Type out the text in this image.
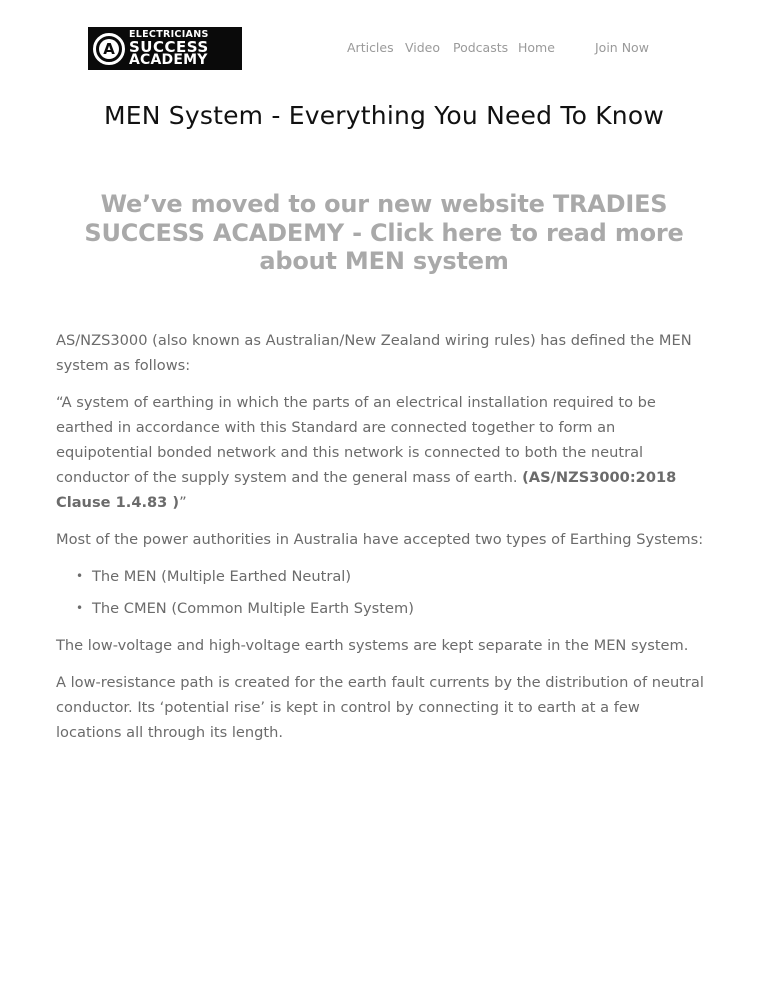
A
ELECTRICIANS
SUCCESS
ACADEMY
Articles Video Podcasts Home	Join Now
MEN System - Everything You Need To Know
We’ve moved to our new website TRADIES SUCCESS ACADEMY - Click here to read more about MEN system

AS/NZS3000 (also known as Australian/New Zealand wiring rules) has defined the MEN system as follows:

“A system of earthing in which the parts of an electrical installation required to be earthed in accordance with this Standard are connected together to form an equipotential bonded network and this network is connected to both the neutral conductor of the supply system and the general mass of earth. (AS/NZS3000:2018 Clause 1.4.83 )”

Most of the power authorities in Australia have accepted two types of Earthing Systems:

• The MEN (Multiple Earthed Neutral)
• The CMEN (Common Multiple Earth System)

The low-voltage and high-voltage earth systems are kept separate in the MEN system.

A low-resistance path is created for the earth fault currents by the distribution of neutral conductor. Its ‘potential rise’ is kept in control by connecting it to earth at a few locations all through its length.
